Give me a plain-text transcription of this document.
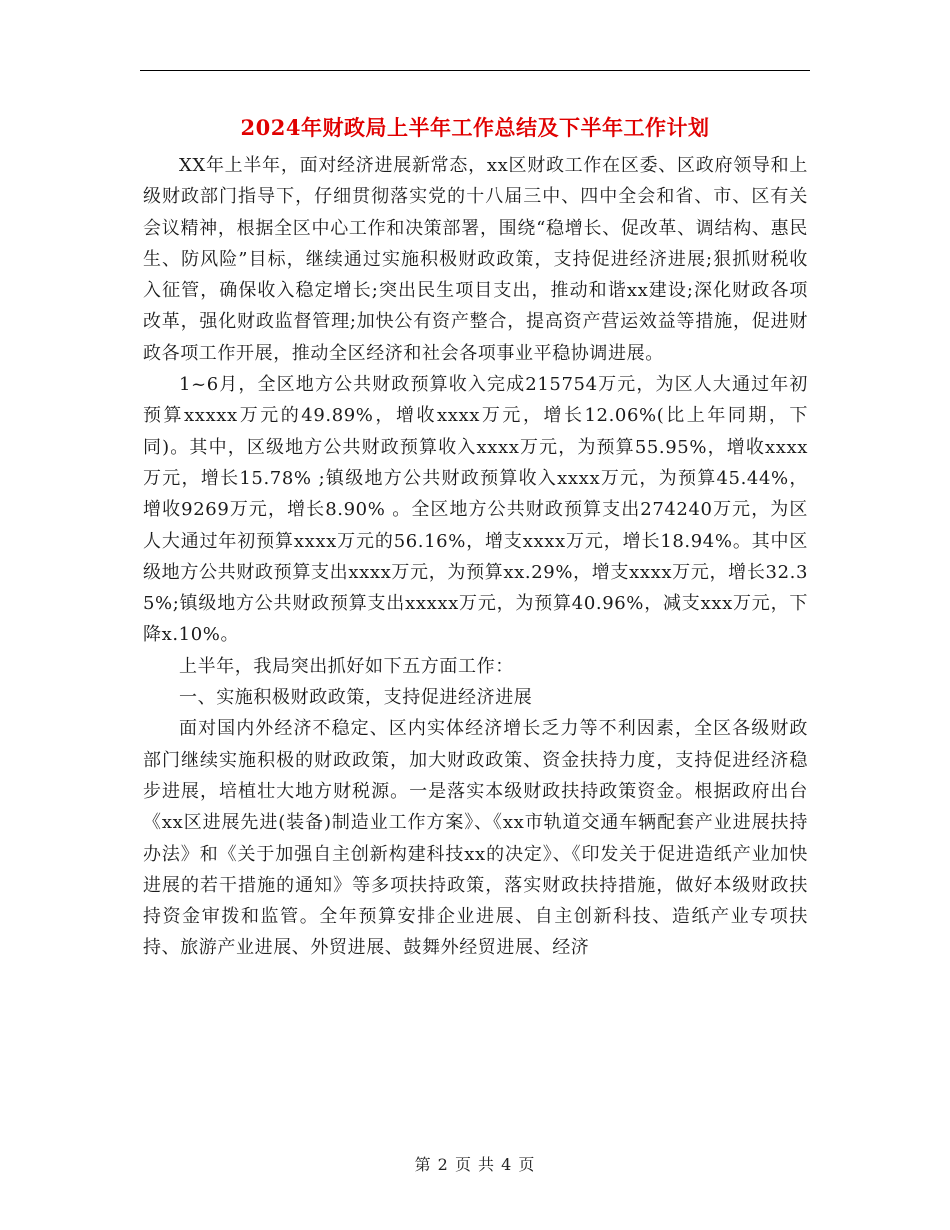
2024年财政局上半年工作总结及下半年工作计划

XX年上半年，面对经济进展新常态，xx区财政工作在区委、区政府领导和上级财政部门指导下，仔细贯彻落实党的十八届三中、四中全会和省、市、区有关会议精神，根据全区中心工作和决策部署，围绕“稳增长、促改革、调结构、惠民生、防风险”目标，继续通过实施积极财政政策，支持促进经济进展;狠抓财税收入征管，确保收入稳定增长;突出民生项目支出，推动和谐xx建设;深化财政各项改革，强化财政监督管理;加快公有资产整合，提高资产营运效益等措施，促进财政各项工作开展，推动全区经济和社会各项事业平稳协调进展。

1~6月，全区地方公共财政预算收入完成215754万元，为区人大通过年初预算xxxxx万元的49.89%，增收xxxx万元，增长12.06%(比上年同期，下同)。其中，区级地方公共财政预算收入xxxx万元，为预算55.95%，增收xxxx万元，增长15.78% ;镇级地方公共财政预算收入xxxx万元，为预算45.44%，增收9269万元，增长8.90% 。全区地方公共财政预算支出274240万元，为区人大通过年初预算xxxx万元的56.16%，增支xxxx万元，增长18.94%。其中区级地方公共财政预算支出xxxx万元，为预算xx.29%，增支xxxx万元，增长32.35%;镇级地方公共财政预算支出xxxxx万元，为预算40.96%，减支xxx万元，下降x.10%。

上半年，我局突出抓好如下五方面工作：

一、实施积极财政政策，支持促进经济进展

面对国内外经济不稳定、区内实体经济增长乏力等不利因素，全区各级财政部门继续实施积极的财政政策，加大财政政策、资金扶持力度，支持促进经济稳步进展，培植壮大地方财税源。一是落实本级财政扶持政策资金。根据政府出台《xx区进展先进(装备)制造业工作方案》、《xx市轨道交通车辆配套产业进展扶持办法》和《关于加强自主创新构建科技xx的决定》、《印发关于促进造纸产业加快进展的若干措施的通知》等多项扶持政策，落实财政扶持措施，做好本级财政扶持资金审拨和监管。全年预算安排企业进展、自主创新科技、造纸产业专项扶持、旅游产业进展、外贸进展、鼓舞外经贸进展、经济

第 2 页 共 4 页
